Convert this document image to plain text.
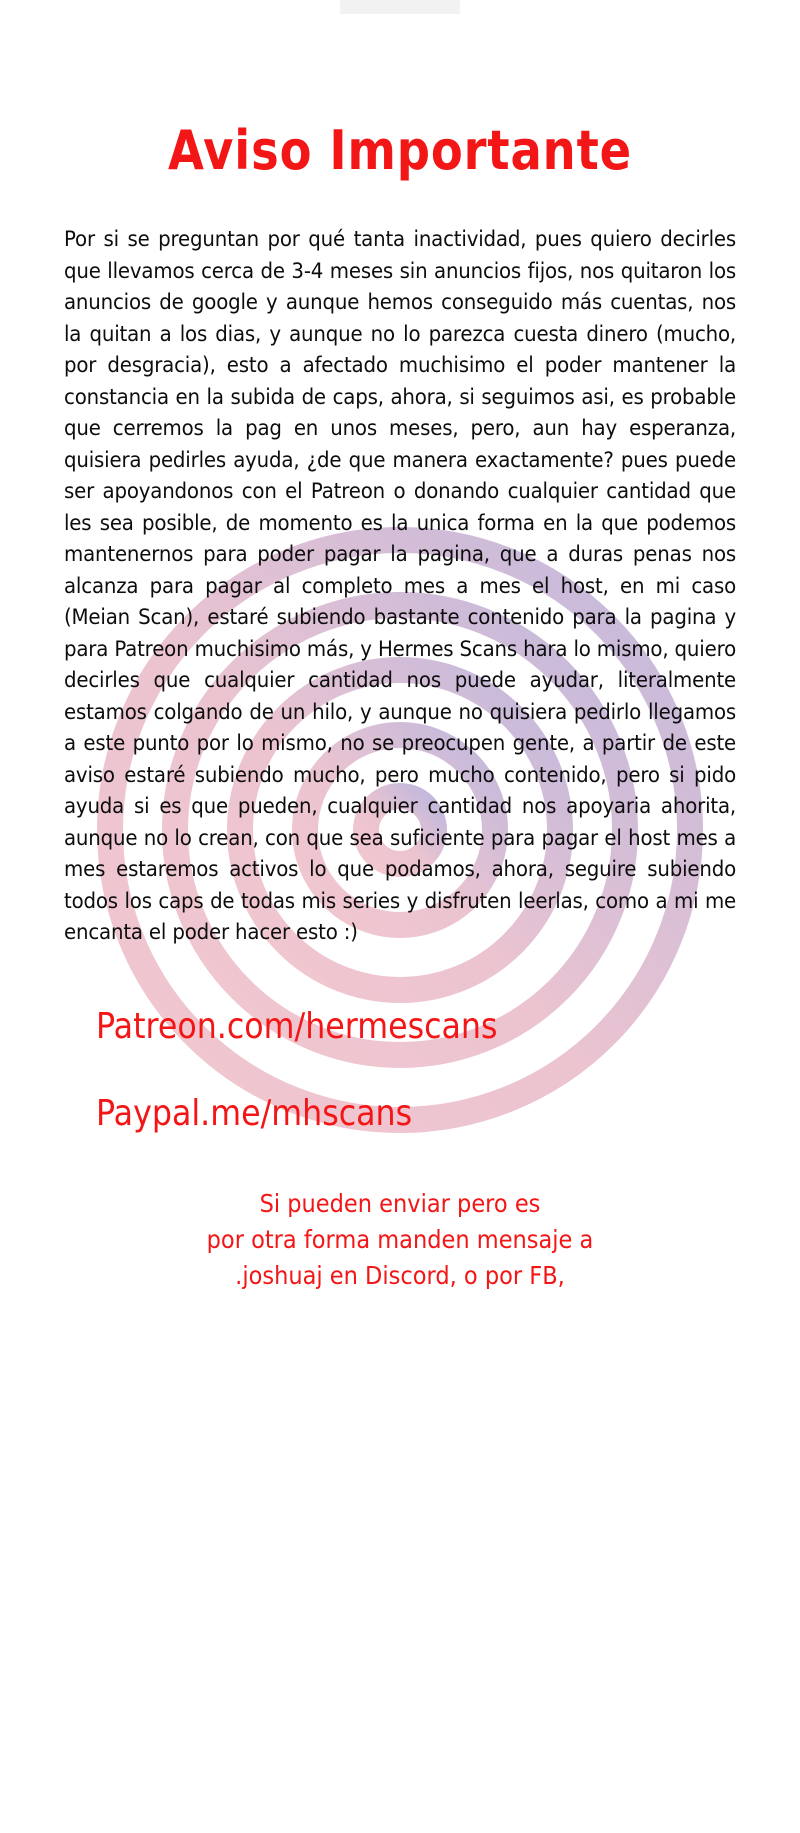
Aviso Importante

Por si se preguntan por qué tanta inactividad, pues quiero decirles que llevamos cerca de 3-4 meses sin anuncios fijos, nos quitaron los anuncios de google y aunque hemos conseguido más cuentas, nos la quitan a los dias, y aunque no lo parezca cuesta dinero (mucho, por desgracia), esto a afectado muchisimo el poder mantener la constancia en la subida de caps, ahora, si seguimos asi, es probable que cerremos la pag en unos meses, pero, aun hay esperanza, quisiera pedirles ayuda, ¿de que manera exactamente? pues puede ser apoyandonos con el Patreon o donando cualquier cantidad que les sea posible, de momento es la unica forma en la que podemos mantenernos para poder pagar la pagina, que a duras penas nos alcanza para pagar al completo mes a mes el host, en mi caso (Meian Scan), estaré subiendo bastante contenido para la pagina y para Patreon muchisimo más, y Hermes Scans hara lo mismo, quiero decirles que cualquier cantidad nos puede ayudar, literalmente estamos colgando de un hilo, y aunque no quisiera pedirlo llegamos a este punto por lo mismo, no se preocupen gente, a partir de este aviso estaré subiendo mucho, pero mucho contenido, pero si pido ayuda si es que pueden, cualquier cantidad nos apoyaria ahorita, aunque no lo crean, con que sea suficiente para pagar el host mes a mes estaremos activos lo que podamos, ahora, seguire subiendo todos los caps de todas mis series y disfruten leerlas, como a mi me encanta el poder hacer esto :)

Patreon.com/hermescans
Paypal.me/mhscans
Si pueden enviar pero es
por otra forma manden mensaje a
.joshuaj en Discord, o por FB,
